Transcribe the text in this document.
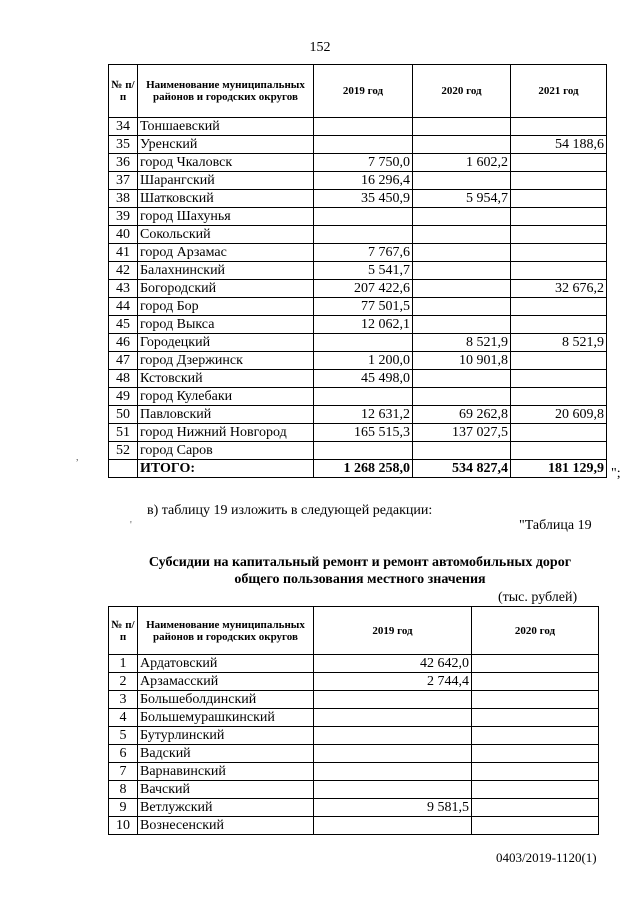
152
№ п/п	Наименование муниципальных районов и городских округов	2019 год	2020 год	2021 год
34	Тоншаевский			
35	Уренский			54 188,6
36	город Чкаловск	7 750,0	1 602,2	
37	Шарангский	16 296,4		
38	Шатковский	35 450,9	5 954,7	
39	город Шахунья			
40	Сокольский			
41	город Арзамас	7 767,6		
42	Балахнинский	5 541,7		
43	Богородский	207 422,6		32 676,2
44	город Бор	77 501,5		
45	город Выкса	12 062,1		
46	Городецкий		8 521,9	8 521,9
47	город Дзержинск	1 200,0	10 901,8	
48	Кстовский	45 498,0		
49	город Кулебаки			
50	Павловский	12 631,2	69 262,8	20 609,8
51	город Нижний Новгород	165 515,3	137 027,5	
52	город Саров			
	ИТОГО:	1 268 258,0	534 827,4	181 129,9 ";
в) таблицу 19 изложить в следующей редакции:
"Таблица 19
Субсидии на капитальный ремонт и ремонт автомобильных дорог
общего пользования местного значения
(тыс. рублей)
№ п/п	Наименование муниципальных районов и городских округов	2019 год	2020 год
1	Ардатовский	42 642,0	
2	Арзамасский	2 744,4	
3	Большеболдинский		
4	Большемурашкинский		
5	Бутурлинский		
6	Вадский		
7	Варнавинский		
8	Вачский		
9	Ветлужский	9 581,5	
10	Вознесенский		
0403/2019-1120(1)
,
'
